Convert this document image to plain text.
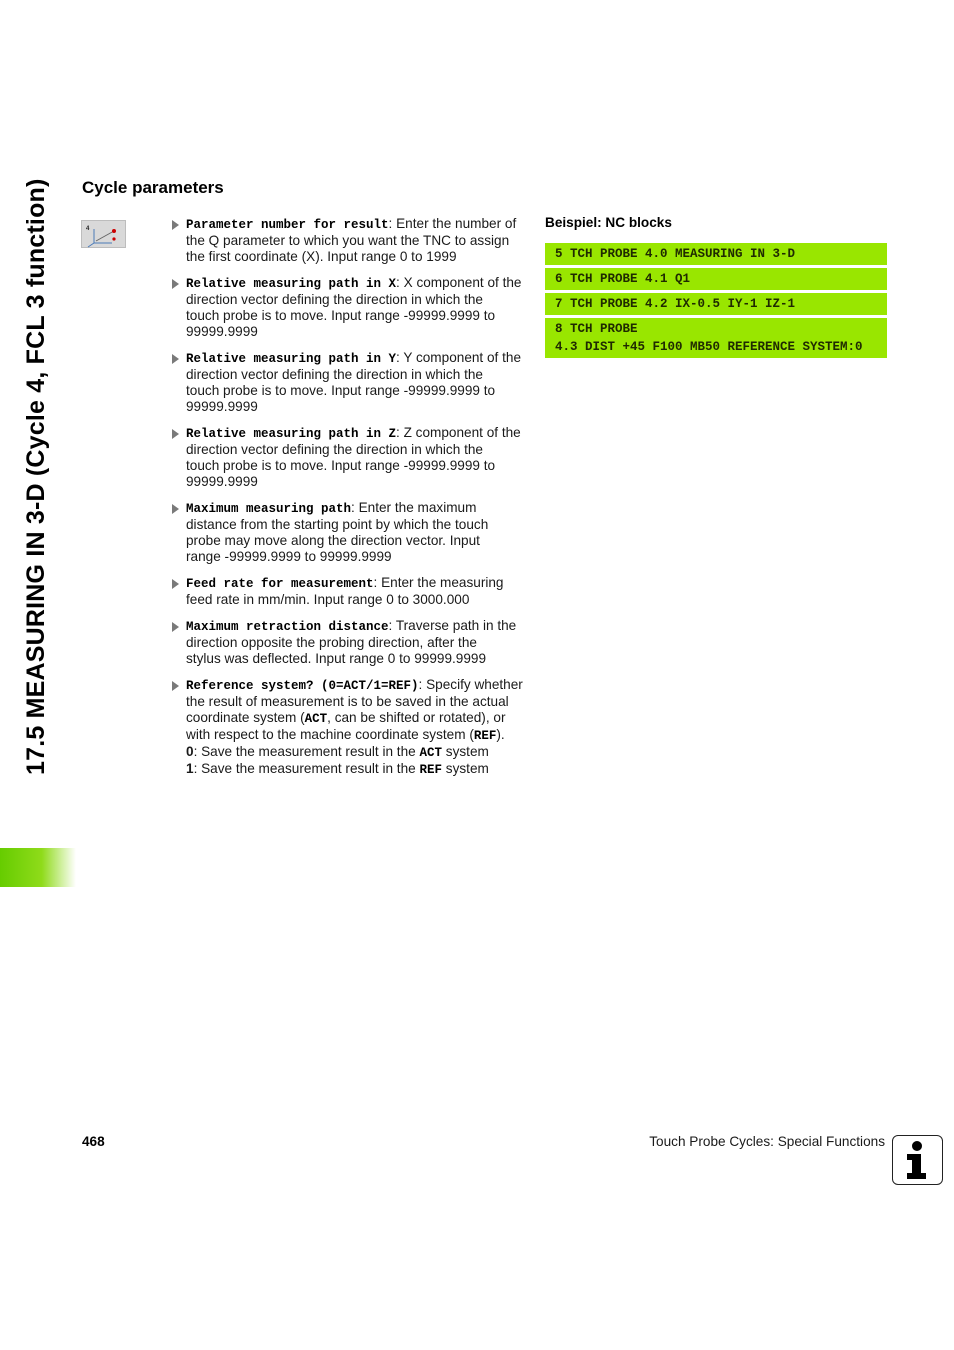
17.5 MEASURING IN 3-D (Cycle 4, FCL 3 function) Cycle parameters
4	Parameter number for result: Enter the number of
the Q parameter to which you want the TNC to assign
the first coordinate (X). Input range 0 to 1999
Relative measuring path in X: X component of the
direction vector defining the direction in which the
touch probe is to move. Input range -99999.9999 to
99999.9999
Relative measuring path in Y: Y component of the
direction vector defining the direction in which the
touch probe is to move. Input range -99999.9999 to
99999.9999
Relative measuring path in Z: Z component of the
direction vector defining the direction in which the
touch probe is to move. Input range -99999.9999 to
99999.9999
Maximum measuring path: Enter the maximum
distance from the starting point by which the touch
probe may move along the direction vector. Input
range -99999.9999 to 99999.9999
Feed rate for measurement: Enter the measuring
feed rate in mm/min. Input range 0 to 3000.000
Maximum retraction distance: Traverse path in the
direction opposite the probing direction, after the
stylus was deflected. Input range 0 to 99999.9999
Reference system? (0=ACT/1=REF): Specify whether
the result of measurement is to be saved in the actual
coordinate system (ACT, can be shifted or rotated), or
with respect to the machine coordinate system (REF).
0: Save the measurement result in the ACT system
1: Save the measurement result in the REF system
Beispiel: NC blocks
5 TCH PROBE 4.0 MEASURING IN 3-D
6 TCH PROBE 4.1 Q1
7 TCH PROBE 4.2 IX-0.5 IY-1 IZ-1
8 TCH PROBE
4.3 DIST +45 F100 MB50 REFERENCE SYSTEM:0
468	Touch Probe Cycles: Special Functions
